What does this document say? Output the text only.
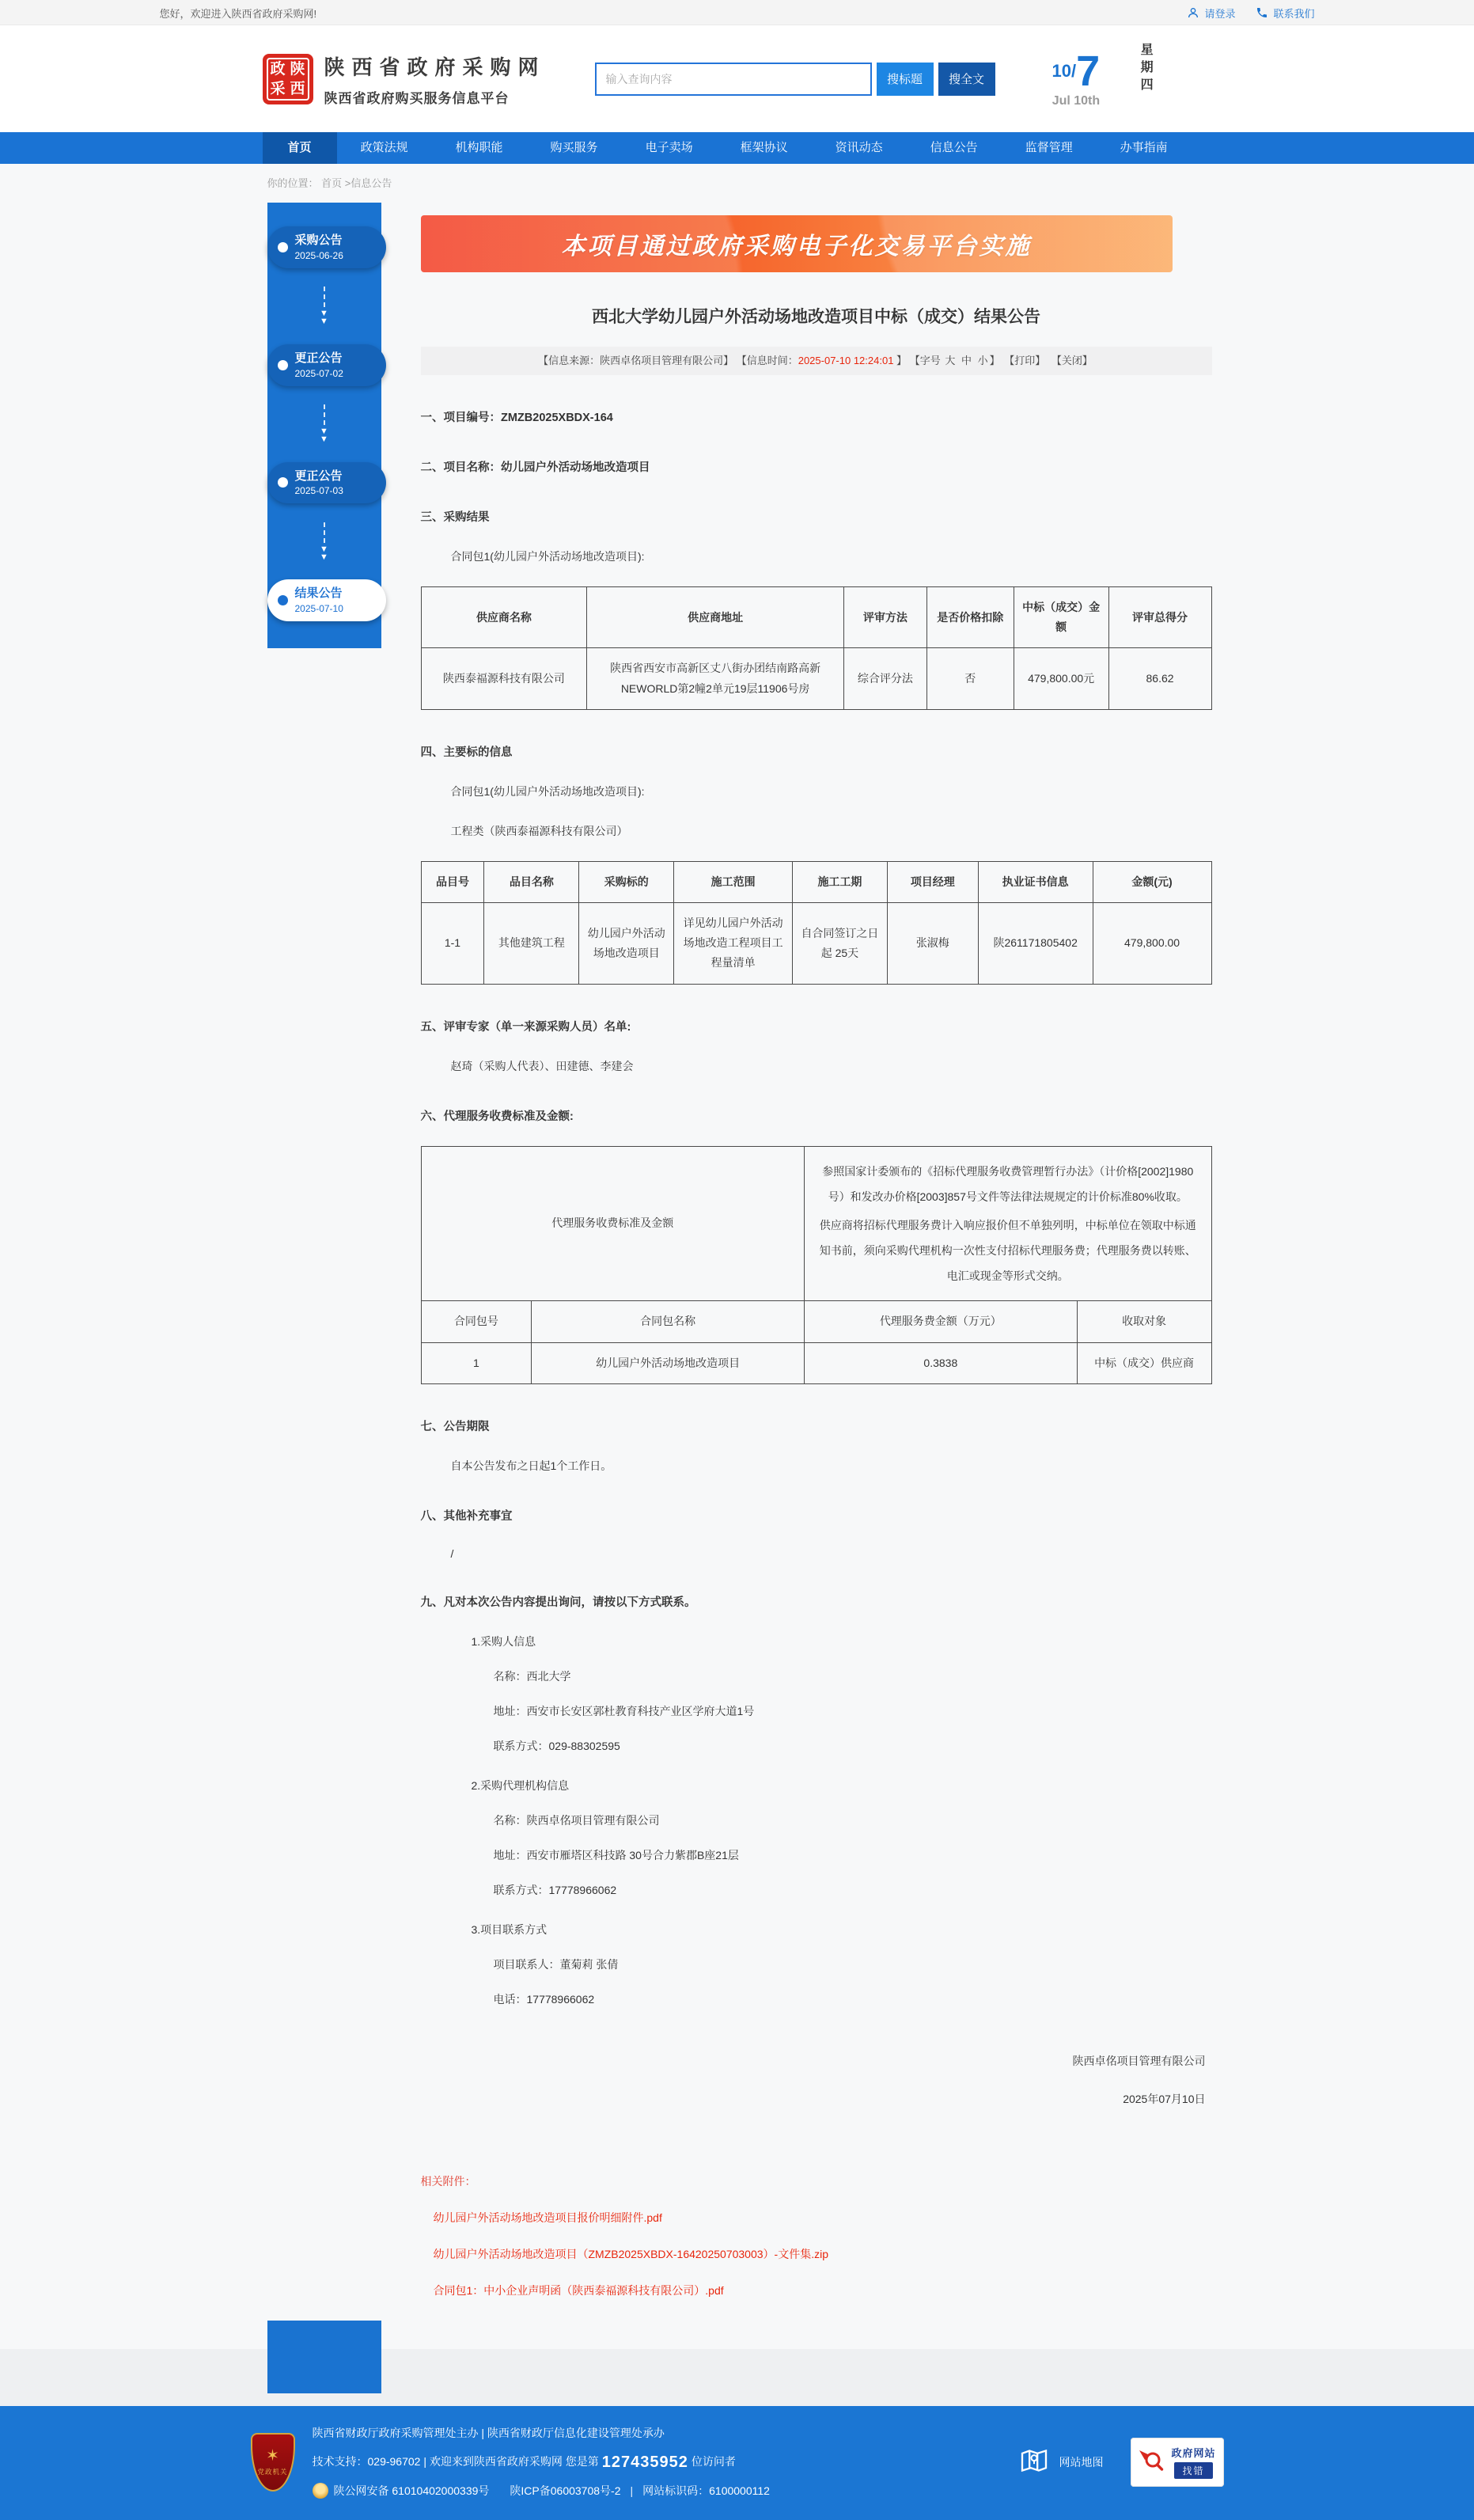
您好，欢迎进入陕西省政府采购网!	请登录	联系我们
政 陕
采 西
陕西省政府采购网
陕西省政府购买服务信息平台
输入查询内容
搜标题	搜全文	10/ 7
Jul 10th
星期四
首页	政策法规	机构职能	购买服务	电子卖场	框架协议	资讯动态	信息公告	监督管理	办事指南
你的位置： 首页 >信息公告
采购公告
2025-06-26
▼
▼
更正公告
2025-07-02
▼
▼
更正公告
2025-07-03
▼
▼
结果公告
2025-07-10
本项目通过政府采购电子化交易平台实施
西北大学幼儿园户外活动场地改造项目中标（成交）结果公告
【信息来源：陕西卓佲项目管理有限公司】 【信息时间：2025-07-10 12:24:01 】 【字号 大 中 小 】 【打印】 【关闭】

一、项目编号：ZMZB2025XBDX-164

二、项目名称：幼儿园户外活动场地改造项目

三、采购结果

合同包1(幼儿园户外活动场地改造项目):

供应商名称	供应商地址	评审方法	是否价格扣除	中标（成交）金额	评审总得分
陕西泰福源科技有限公司	陕西省西安市高新区丈八街办团结南路高新NEWORLD第2幢2单元19层11906号房	综合评分法	否	479,800.00元	86.62

四、主要标的信息

合同包1(幼儿园户外活动场地改造项目):

工程类（陕西泰福源科技有限公司）

品目号	品目名称	采购标的	施工范围	施工工期	项目经理	执业证书信息	金额(元)
1-1	其他建筑工程	幼儿园户外活动场地改造项目	详见幼儿园户外活动场地改造工程项目工程量清单	自合同签订之日起 25天	张淑梅	陕261171805402	479,800.00

五、评审专家（单一来源采购人员）名单:

赵琦（采购人代表）、田建德、李建会

六、代理服务收费标准及金额:

代理服务收费标准及金额		参照国家计委颁布的《招标代理服务收费管理暂行办法》（计价格[2002]1980号）和发改办价格[2003]857号文件等法律法规规定的计价标准80%收取。

供应商将招标代理服务费计入响应报价但不单独列明，中标单位在领取中标通知书前，须向采购代理机构一次性支付招标代理服务费；代理服务费以转账、电汇或现金等形式交纳。	

合同包号	合同包名称	代理服务费金额（万元）	收取对象
1	幼儿园户外活动场地改造项目	0.3838	中标（成交）供应商

七、公告期限

自本公告发布之日起1个工作日。

八、其他补充事宜

/

九、凡对本次公告内容提出询问，请按以下方式联系。

1.采购人信息

名称：西北大学

地址：西安市长安区郭杜教育科技产业区学府大道1号

联系方式：029-88302595

2.采购代理机构信息

名称：陕西卓佲项目管理有限公司

地址：西安市雁塔区科技路 30号合力紫郡B座21层

联系方式：17778966062

3.项目联系方式

项目联系人：董菊莉 张倩

电话：17778966062

陕西卓佲项目管理有限公司
2025年07月10日
相关附件：
幼儿园户外活动场地改造项目报价明细附件.pdf
幼儿园户外活动场地改造项目（ZMZB2025XBDX-16420250703003）-文件集.zip
合同包1：中小企业声明函（陕西泰福源科技有限公司）.pdf
✶
党政机关
陕西省财政厅政府采购管理处主办 | 陕西省财政厅信息化建设管理处承办
技术支持：029-96702 | 欢迎来到陕西省政府采购网 您是第 127435952 位访问者
陕公网安备 61010402000339号 陕ICP备06003708号-2 | 网站标识码：6100000112
网站地图
政府网站
找错
